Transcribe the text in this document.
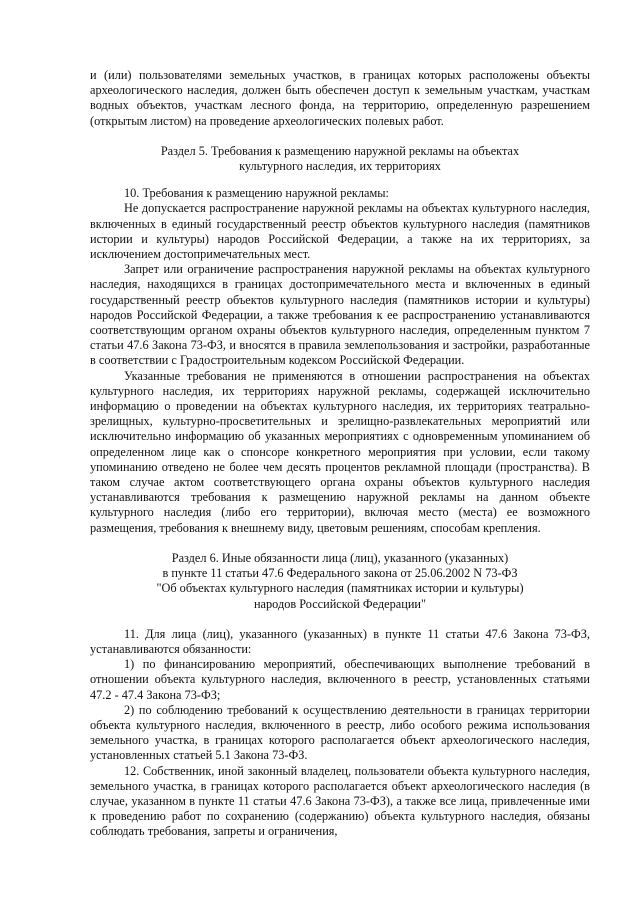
и (или) пользователями земельных участков, в границах которых расположены объекты археологического наследия, должен быть обеспечен доступ к земельным участкам, участкам водных объектов, участкам лесного фонда, на территорию, определенную разрешением (открытым листом) на проведение археологических полевых работ.

Раздел 5. Требования к размещению наружной рекламы на объектах

культурного наследия, их территориях

10. Требования к размещению наружной рекламы:

Не допускается распространение наружной рекламы на объектах культурного наследия, включенных в единый государственный реестр объектов культурного наследия (памятников истории и культуры) народов Российской Федерации, а также на их территориях, за исключением достопримечательных мест.

Запрет или ограничение распространения наружной рекламы на объектах культурного наследия, находящихся в границах достопримечательного места и включенных в единый государственный реестр объектов культурного наследия (памятников истории и культуры) народов Российской Федерации, а также требования к ее распространению устанавливаются соответствующим органом охраны объектов культурного наследия, определенным пунктом 7 статьи 47.6 Закона 73-ФЗ, и вносятся в правила землепользования и застройки, разработанные в соответствии с Градостроительным кодексом Российской Федерации.

Указанные требования не применяются в отношении распространения на объектах культурного наследия, их территориях наружной рекламы, содержащей исключительно информацию о проведении на объектах культурного наследия, их территориях театрально-зрелищных, культурно-просветительных и зрелищно-развлекательных мероприятий или исключительно информацию об указанных мероприятиях с одновременным упоминанием об определенном лице как о спонсоре конкретного мероприятия при условии, если такому упоминанию отведено не более чем десять процентов рекламной площади (пространства). В таком случае актом соответствующего органа охраны объектов культурного наследия устанавливаются требования к размещению наружной рекламы на данном объекте культурного наследия (либо его территории), включая место (места) ее возможного размещения, требования к внешнему виду, цветовым решениям, способам крепления.

Раздел 6. Иные обязанности лица (лиц), указанного (указанных)

в пункте 11 статьи 47.6 Федерального закона от 25.06.2002 N 73-ФЗ

"Об объектах культурного наследия (памятниках истории и культуры)

народов Российской Федерации"

11. Для лица (лиц), указанного (указанных) в пункте 11 статьи 47.6 Закона 73-ФЗ, устанавливаются обязанности:

1) по финансированию мероприятий, обеспечивающих выполнение требований в отношении объекта культурного наследия, включенного в реестр, установленных статьями 47.2 - 47.4 Закона 73-ФЗ;

2) по соблюдению требований к осуществлению деятельности в границах территории объекта культурного наследия, включенного в реестр, либо особого режима использования земельного участка, в границах которого располагается объект археологического наследия, установленных статьей 5.1 Закона 73-ФЗ.

12. Собственник, иной законный владелец, пользователи объекта культурного наследия, земельного участка, в границах которого располагается объект археологического наследия (в случае, указанном в пункте 11 статьи 47.6 Закона 73-ФЗ), а также все лица, привлеченные ими к проведению работ по сохранению (содержанию) объекта культурного наследия, обязаны соблюдать требования, запреты и ограничения,
